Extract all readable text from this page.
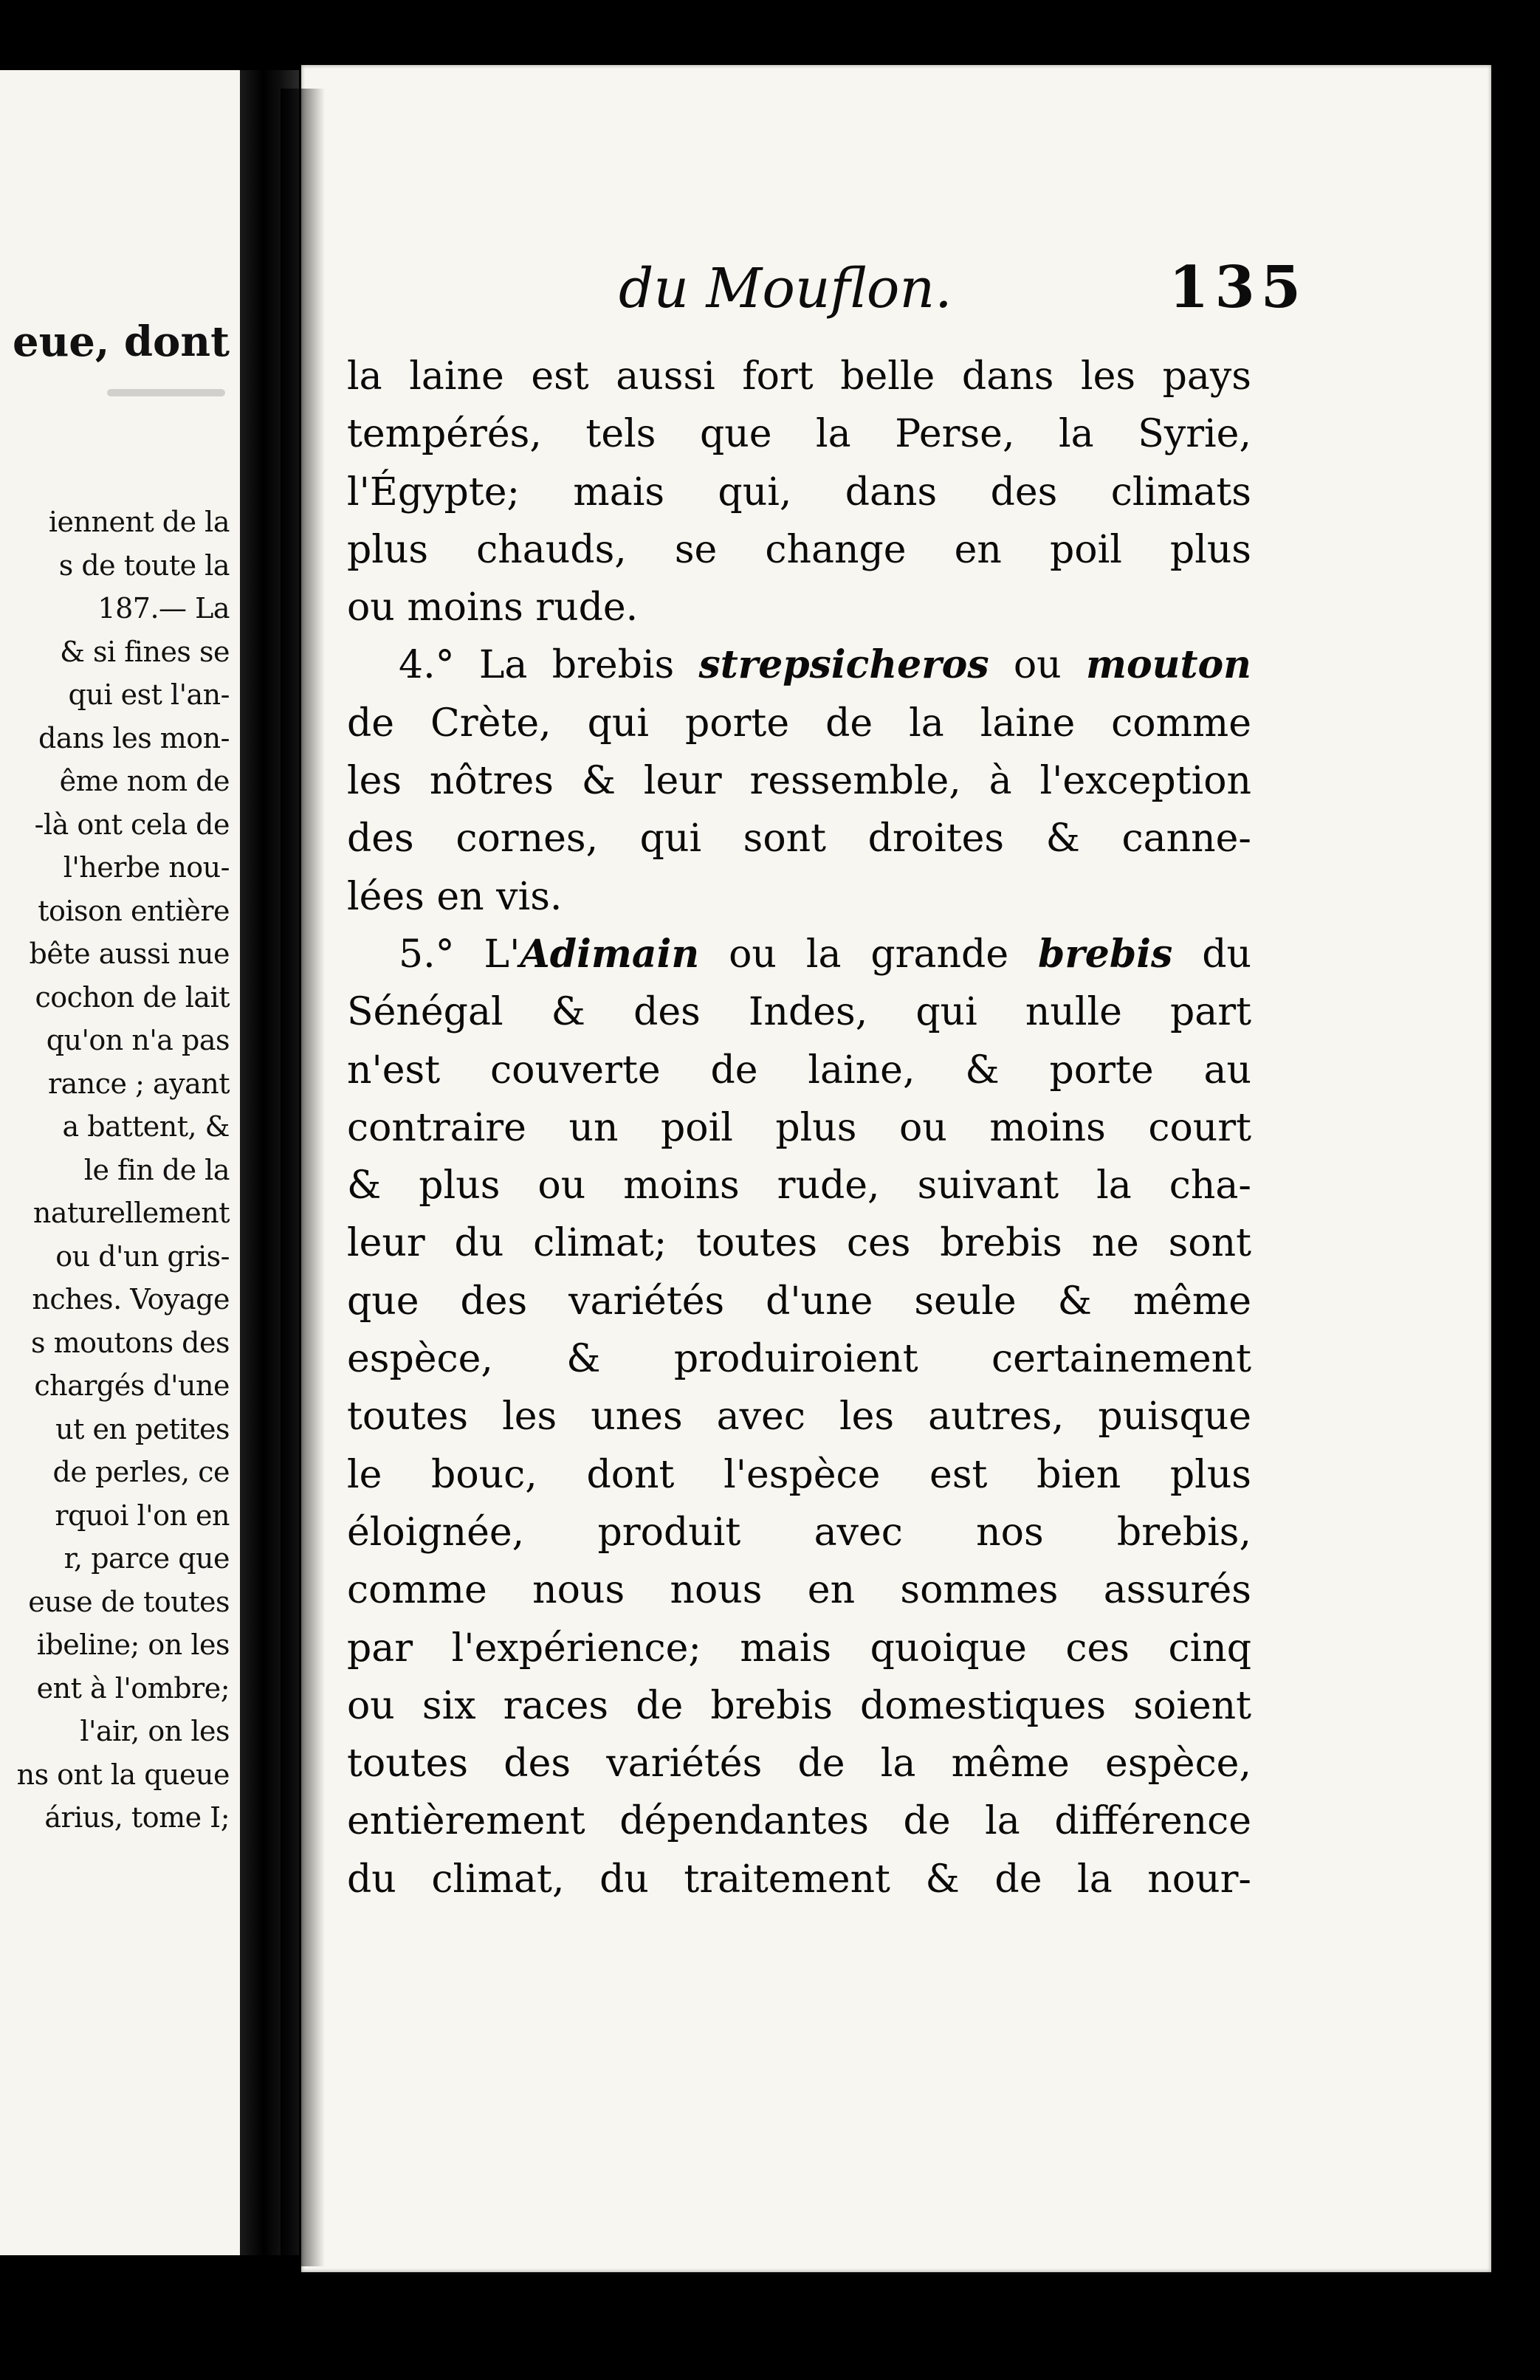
eue, dont
iennent de la
s de toute la
187.— La
& si fines se
qui est l'an-
dans les mon-
ême nom de
-là ont cela de
l'herbe nou-
toison entière
bête aussi nue
cochon de lait
qu'on n'a pas
rance ; ayant
a battent, &
le fin de la
naturellement
ou d'un gris-
nches. Voyage
s moutons des
chargés d'une
ut en petites
de perles, ce
rquoi l'on en
r, parce que
euse de toutes
ibeline; on les
ent à l'ombre;
l'air, on les
ns ont la queue
árius, tome I;
du Mouflon.	135
la laine est aussi fort belle dans les pays
tempérés, tels que la Perse, la Syrie,
l'Égypte; mais qui, dans des climats
plus chauds, se change en poil plus
ou moins rude.
4.° La brebis strepsicheros ou mouton
de Crète, qui porte de la laine comme
les nôtres & leur ressemble, à l'exception
des cornes, qui sont droites & canne-
lées en vis.
5.° L'Adimain ou la grande brebis du
Sénégal & des Indes, qui nulle part
n'est couverte de laine, & porte au
contraire un poil plus ou moins court
& plus ou moins rude, suivant la cha-
leur du climat; toutes ces brebis ne sont
que des variétés d'une seule & même
espèce, & produiroient certainement
toutes les unes avec les autres, puisque
le bouc, dont l'espèce est bien plus
éloignée, produit avec nos brebis,
comme nous nous en sommes assurés
par l'expérience; mais quoique ces cinq
ou six races de brebis domestiques soient
toutes des variétés de la même espèce,
entièrement dépendantes de la différence
du climat, du traitement & de la nour-
